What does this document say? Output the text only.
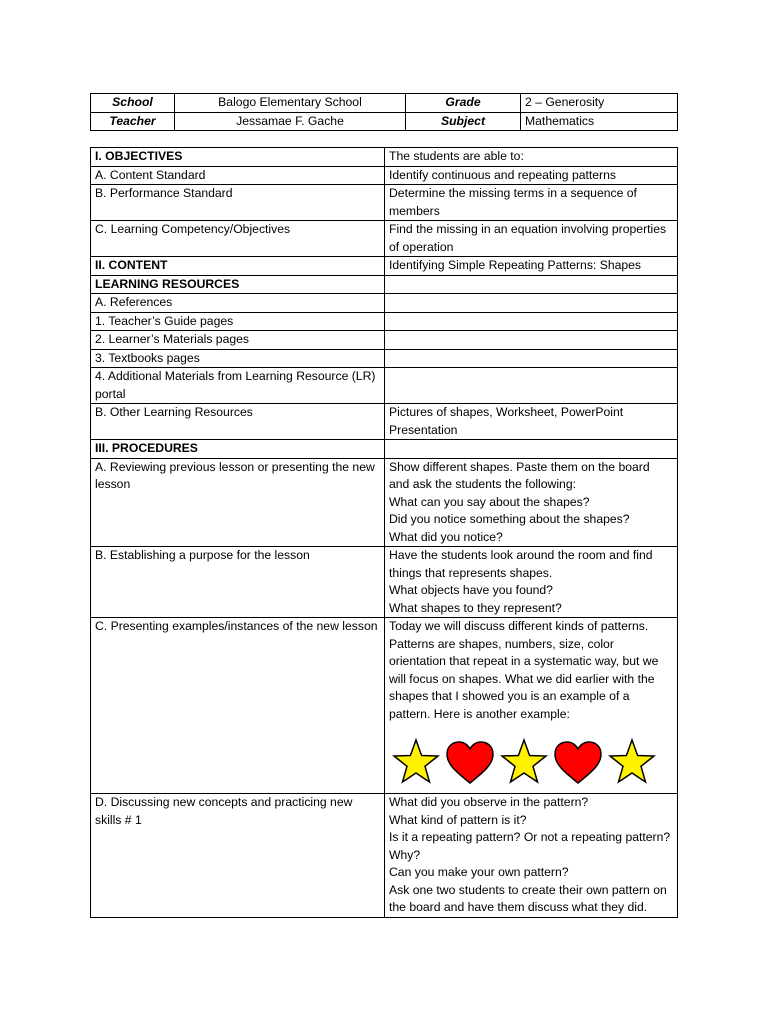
School	Balogo Elementary School	Grade	2 – Generosity
Teacher	Jessamae F. Gache	Subject	Mathematics
I. OBJECTIVES	The students are able to:
A. Content Standard	Identify continuous and repeating patterns
B. Performance Standard	Determine the missing terms in a sequence of members
C. Learning Competency/Objectives	Find the missing in an equation involving properties of operation
II. CONTENT	Identifying Simple Repeating Patterns: Shapes
LEARNING RESOURCES	
A. References	
1. Teacher’s Guide pages	
2. Learner’s Materials pages	
3. Textbooks pages	
4. Additional Materials from Learning Resource (LR) portal	
B. Other Learning Resources	Pictures of shapes, Worksheet, PowerPoint Presentation
III. PROCEDURES	
A. Reviewing previous lesson or presenting the new lesson	Show different shapes. Paste them on the board and ask the students the following:
What can you say about the shapes?
Did you notice something about the shapes?
What did you notice?

B. Establishing a purpose for the lesson	Have the students look around the room and find things that represents shapes.
What objects have you found?
What shapes to they represent?

C. Presenting examples/instances of the new lesson	Today we will discuss different kinds of patterns. Patterns are shapes, numbers, size, color orientation that repeat in a systematic way, but we will focus on shapes. What we did earlier with the shapes that I showed you is an example of a pattern. Here is another example:

D. Discussing new concepts and practicing new skills # 1	What did you observe in the pattern?
What kind of pattern is it?
Is it a repeating pattern? Or not a repeating pattern? Why?
Can you make your own pattern?
Ask one two students to create their own pattern on the board and have them discuss what they did.
